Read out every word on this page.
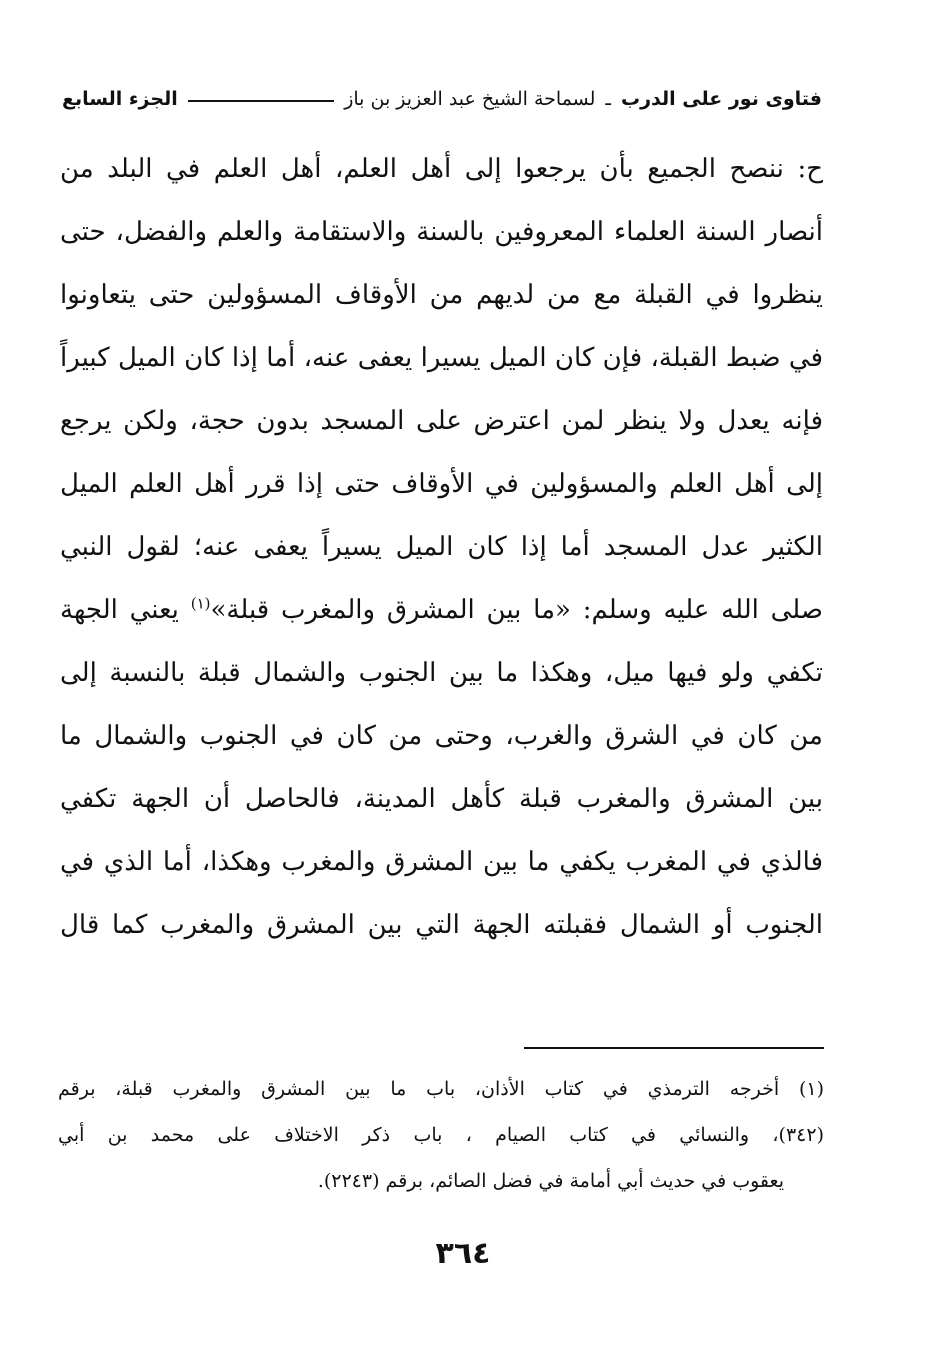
فتاوى نور على الدرب
ـ
لسماحة الشيخ عبد العزيز بن باز
الجزء السابع
ح: ننصح الجميع بأن يرجعوا إلى أهل العلم، أهل العلم في البلد من
أنصار السنة العلماء المعروفين بالسنة والاستقامة والعلم والفضل، حتى
ينظروا في القبلة مع من لديهم من الأوقاف المسؤولين حتى يتعاونوا
في ضبط القبلة، فإن كان الميل يسيرا يعفى عنه، أما إذا كان الميل كبيراً
فإنه يعدل ولا ينظر لمن اعترض على المسجد بدون حجة، ولكن يرجع
إلى أهل العلم والمسؤولين في الأوقاف حتى إذا قرر أهل العلم الميل
الكثير عدل المسجد أما إذا كان الميل يسيراً يعفى عنه؛ لقول النبي
صلى الله عليه وسلم: «ما بين المشرق والمغرب قبلة»$^{(١)}$ يعني الجهة
تكفي ولو فيها ميل، وهكذا ما بين الجنوب والشمال قبلة بالنسبة إلى
من كان في الشرق والغرب، وحتى من كان في الجنوب والشمال ما
بين المشرق والمغرب قبلة كأهل المدينة، فالحاصل أن الجهة تكفي
فالذي في المغرب يكفي ما بين المشرق والمغرب وهكذا، أما الذي في
الجنوب أو الشمال فقبلته الجهة التي بين المشرق والمغرب كما قال
(١) أخرجه الترمذي في كتاب الأذان، باب ما بين المشرق والمغرب قبلة، برقم
(٣٤٢)، والنسائي في كتاب الصيام ، باب ذكر الاختلاف على محمد بن أبي
يعقوب في حديث أبي أمامة في فضل الصائم، برقم (٢٢٤٣).
٣٦٤
